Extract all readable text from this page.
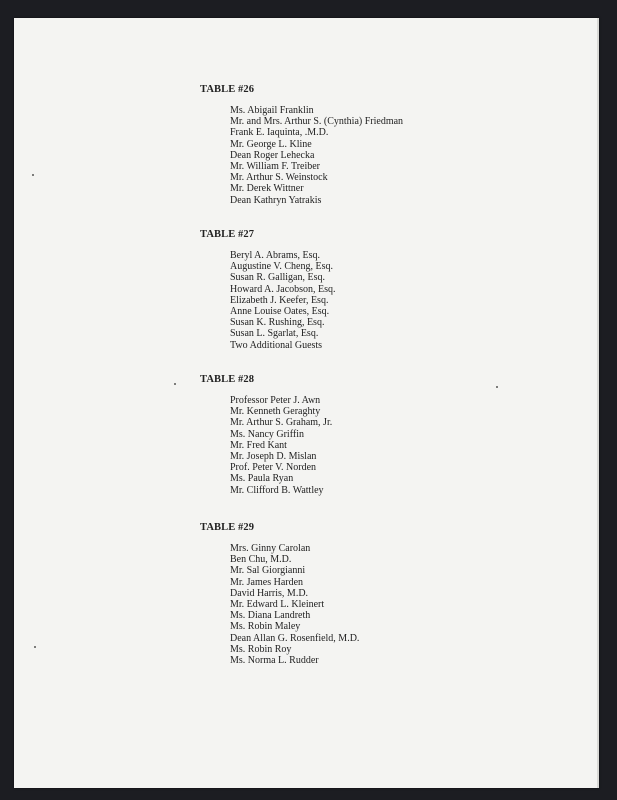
TABLE #26
Ms. Abigail Franklin
Mr. and Mrs. Arthur S. (Cynthia) Friedman
Frank E. Iaquinta, .M.D.
Mr. George L. Kline
Dean Roger Lehecka
Mr. William F. Treiber
Mr. Arthur S. Weinstock
Mr. Derek Wittner
Dean Kathryn Yatrakis
TABLE #27
Beryl A. Abrams, Esq.
Augustine V. Cheng, Esq.
Susan R. Galligan, Esq.
Howard A. Jacobson, Esq.
Elizabeth J. Keefer, Esq.
Anne Louise Oates, Esq.
Susan K. Rushing, Esq.
Susan L. Sgarlat, Esq.
Two Additional Guests
TABLE #28
Professor Peter J. Awn
Mr. Kenneth Geraghty
Mr. Arthur S. Graham, Jr.
Ms. Nancy Griffin
Mr. Fred Kant
Mr. Joseph D. Mislan
Prof. Peter V. Norden
Ms. Paula Ryan
Mr. Clifford B. Wattley
TABLE #29
Mrs. Ginny Carolan
Ben Chu, M.D.
Mr. Sal Giorgianni
Mr. James Harden
David Harris, M.D.
Mr. Edward L. Kleinert
Ms. Diana Landreth
Ms. Robin Maley
Dean Allan G. Rosenfield, M.D.
Ms. Robin Roy
Ms. Norma L. Rudder
